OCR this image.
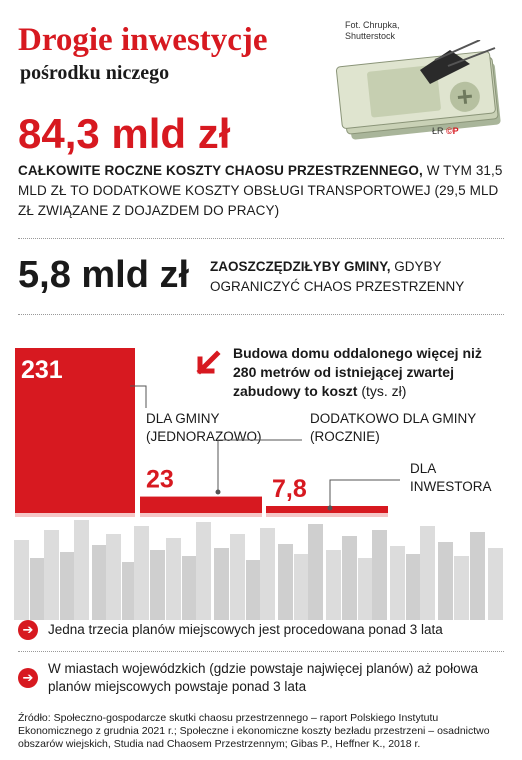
Drogie inwestycje
pośrodku niczego
Fot. Chrupka,
Shutterstock
ŁR ©P
84,3 mld zł
CAŁKOWITE ROCZNE KOSZTY CHAOSU PRZESTRZENNEGO, W TYM 31,5 MLD ZŁ TO DODATKOWE KOSZTY OBSŁUGI TRANSPORTOWEJ (29,5 MLD ZŁ ZWIĄZANE Z DOJAZDEM DO PRACY)
5,8 mld zł ZAOSZCZĘDZIŁYBY GMINY, GDYBY OGRANICZYĆ CHAOS PRZESTRZENNY
231
23	7,8
DLA GMINY
(JEDNORAZOWO)
DODATKOWO DLA GMINY
(ROCZNIE)
DLA
INWESTORA
Budowa domu oddalonego więcej niż 280 metrów od istniejącej zwartej zabudowy to koszt (tys. zł)
➔	Jedna trzecia planów miejscowych jest procedowana ponad 3 lata
➔
W miastach wojewódzkich (gdzie powstaje najwięcej planów) aż połowa planów miejscowych powstaje ponad 3 lata
Źródło: Społeczno-gospodarcze skutki chaosu przestrzennego – raport Polskiego Instytutu Ekonomicznego z grudnia 2021 r.; Społeczne i ekonomiczne koszty bezładu przestrzeni – osadnictwo obszarów wiejskich, Studia nad Chaosem Przestrzennym; Gibas P., Heffner K., 2018 r.
